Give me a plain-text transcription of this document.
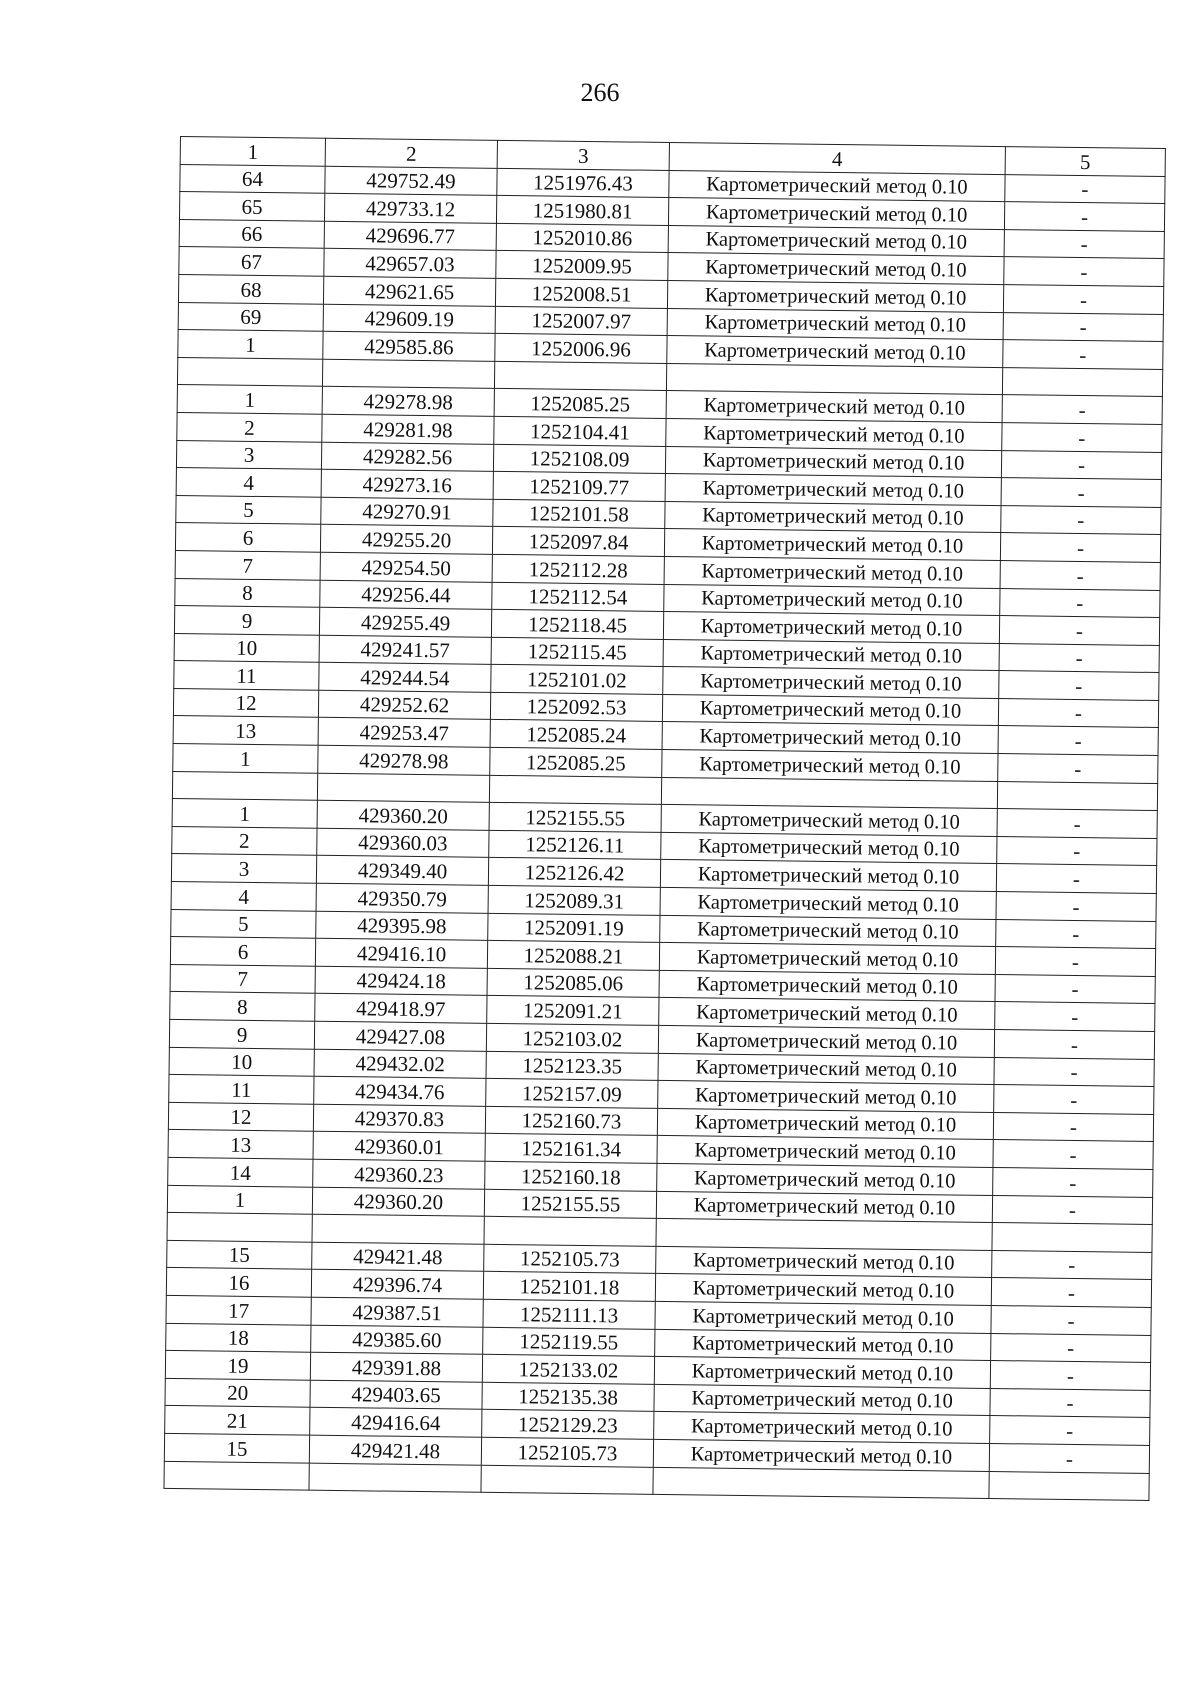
266
1	2	3	4	5
64	429752.49	1251976.43	Картометрический метод 0.10	-
65	429733.12	1251980.81	Картометрический метод 0.10	-
66	429696.77	1252010.86	Картометрический метод 0.10	-
67	429657.03	1252009.95	Картометрический метод 0.10	-
68	429621.65	1252008.51	Картометрический метод 0.10	-
69	429609.19	1252007.97	Картометрический метод 0.10	-
1	429585.86	1252006.96	Картометрический метод 0.10	-

1	429278.98	1252085.25	Картометрический метод 0.10	-
2	429281.98	1252104.41	Картометрический метод 0.10	-
3	429282.56	1252108.09	Картометрический метод 0.10	-
4	429273.16	1252109.77	Картометрический метод 0.10	-
5	429270.91	1252101.58	Картометрический метод 0.10	-
6	429255.20	1252097.84	Картометрический метод 0.10	-
7	429254.50	1252112.28	Картометрический метод 0.10	-
8	429256.44	1252112.54	Картометрический метод 0.10	-
9	429255.49	1252118.45	Картометрический метод 0.10	-
10	429241.57	1252115.45	Картометрический метод 0.10	-
11	429244.54	1252101.02	Картометрический метод 0.10	-
12	429252.62	1252092.53	Картометрический метод 0.10	-
13	429253.47	1252085.24	Картометрический метод 0.10	-
1	429278.98	1252085.25	Картометрический метод 0.10	-

1	429360.20	1252155.55	Картометрический метод 0.10	-
2	429360.03	1252126.11	Картометрический метод 0.10	-
3	429349.40	1252126.42	Картометрический метод 0.10	-
4	429350.79	1252089.31	Картометрический метод 0.10	-
5	429395.98	1252091.19	Картометрический метод 0.10	-
6	429416.10	1252088.21	Картометрический метод 0.10	-
7	429424.18	1252085.06	Картометрический метод 0.10	-
8	429418.97	1252091.21	Картометрический метод 0.10	-
9	429427.08	1252103.02	Картометрический метод 0.10	-
10	429432.02	1252123.35	Картометрический метод 0.10	-
11	429434.76	1252157.09	Картометрический метод 0.10	-
12	429370.83	1252160.73	Картометрический метод 0.10	-
13	429360.01	1252161.34	Картометрический метод 0.10	-
14	429360.23	1252160.18	Картометрический метод 0.10	-
1	429360.20	1252155.55	Картометрический метод 0.10	-

15	429421.48	1252105.73	Картометрический метод 0.10	-
16	429396.74	1252101.18	Картометрический метод 0.10	-
17	429387.51	1252111.13	Картометрический метод 0.10	-
18	429385.60	1252119.55	Картометрический метод 0.10	-
19	429391.88	1252133.02	Картометрический метод 0.10	-
20	429403.65	1252135.38	Картометрический метод 0.10	-
21	429416.64	1252129.23	Картометрический метод 0.10	-
15	429421.48	1252105.73	Картометрический метод 0.10	-
